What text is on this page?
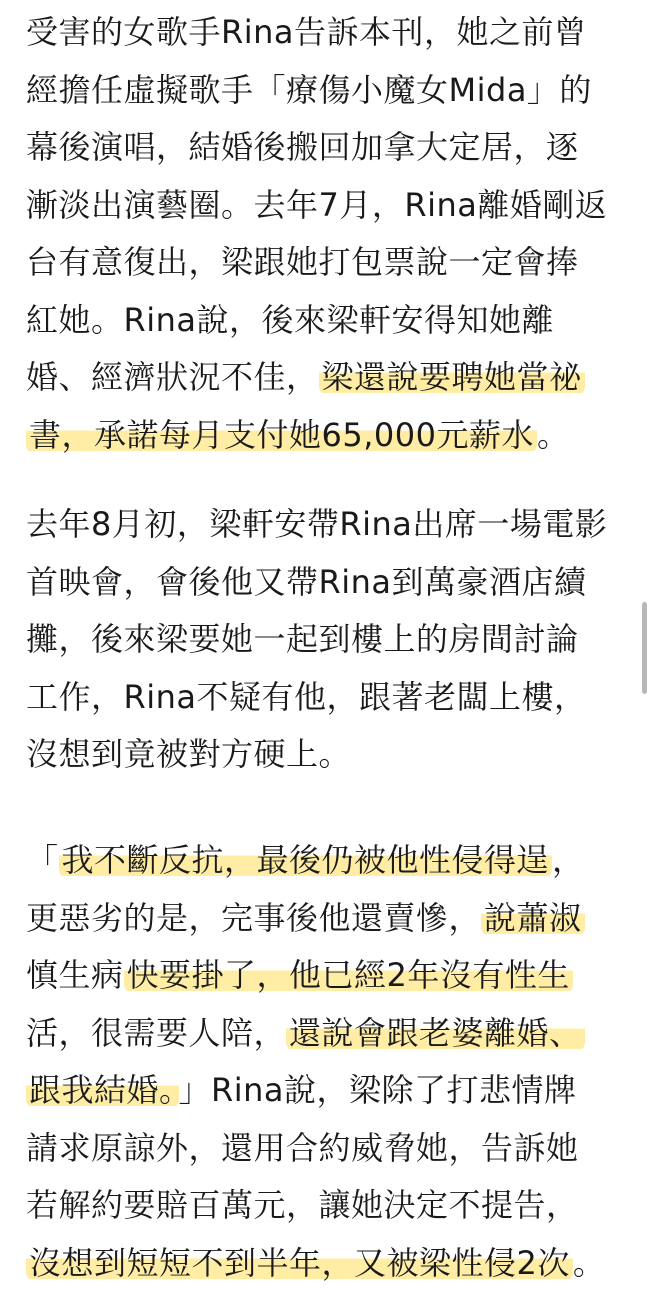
受害的女歌手Rina告訴本刊，她之前曾
經擔任虛擬歌手「療傷小魔女Mida」的
幕後演唱，結婚後搬回加拿大定居，逐
漸淡出演藝圈。去年7月，Rina離婚剛返
台有意復出，梁跟她打包票說一定會捧
紅她。Rina說，後來梁軒安得知她離
婚、經濟狀況不佳，梁還說要聘她當祕
書，承諾每月支付她65,000元薪水。
去年8月初，梁軒安帶Rina出席一場電影
首映會，會後他又帶Rina到萬豪酒店續
攤，後來梁要她一起到樓上的房間討論
工作，Rina不疑有他，跟著老闆上樓，
沒想到竟被對方硬上。
「我不斷反抗，最後仍被他性侵得逞，
更惡劣的是，完事後他還賣慘，說蕭淑
慎生病快要掛了，他已經2年沒有性生
活，很需要人陪，還說會跟老婆離婚、
跟我結婚。」Rina說，梁除了打悲情牌
請求原諒外，還用合約威脅她，告訴她
若解約要賠百萬元，讓她決定不提告，
沒想到短短不到半年，又被梁性侵2次。
